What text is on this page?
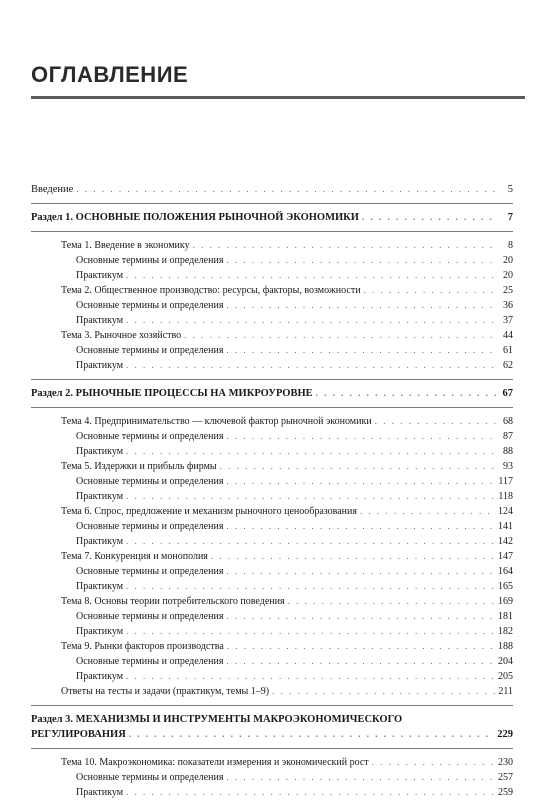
ОГЛАВЛЕНИЕ
Введение . . .	5
Раздел 1. ОСНОВНЫЕ ПОЛОЖЕНИЯ РЫНОЧНОЙ ЭКОНОМИКИ . . .	7
Тема 1. Введение в экономику . . .	8
Основные термины и определения . . .	20
Практикум . . .	20
Тема 2. Общественное производство: ресурсы, факторы, возможности . . .	25
Основные термины и определения . . .	36
Практикум . . .	37
Тема 3. Рыночное хозяйство . . .	44
Основные термины и определения . . .	61
Практикум . . .	62
Раздел 2. РЫНОЧНЫЕ ПРОЦЕССЫ НА МИКРОУРОВНЕ . . .	67
Тема 4. Предпринимательство — ключевой фактор рыночной экономики . . .	68
Основные термины и определения . . .	87
Практикум . . .	88
Тема 5. Издержки и прибыль фирмы . . .	93
Основные термины и определения . . .	117
Практикум . . .	118
Тема 6. Спрос, предложение и механизм рыночного ценообразования . . .	124
Основные термины и определения . . .	141
Практикум . . .	142
Тема 7. Конкуренция и монополия . . .	147
Основные термины и определения . . .	164
Практикум . . .	165
Тема 8. Основы теории потребительского поведения . . .	169
Основные термины и определения . . .	181
Практикум . . .	182
Тема 9. Рынки факторов производства . . .	188
Основные термины и определения . . .	204
Практикум . . .	205
Ответы на тесты и задачи (практикум, темы 1–9) . . .	211
Раздел 3. МЕХАНИЗМЫ И ИНСТРУМЕНТЫ МАКРОЭКОНОМИЧЕСКОГО
РЕГУЛИРОВАНИЯ . . .	229
Тема 10. Макроэкономика: показатели измерения и экономический рост . . .	230
Основные термины и определения . . .	257
Практикум . . .	259
